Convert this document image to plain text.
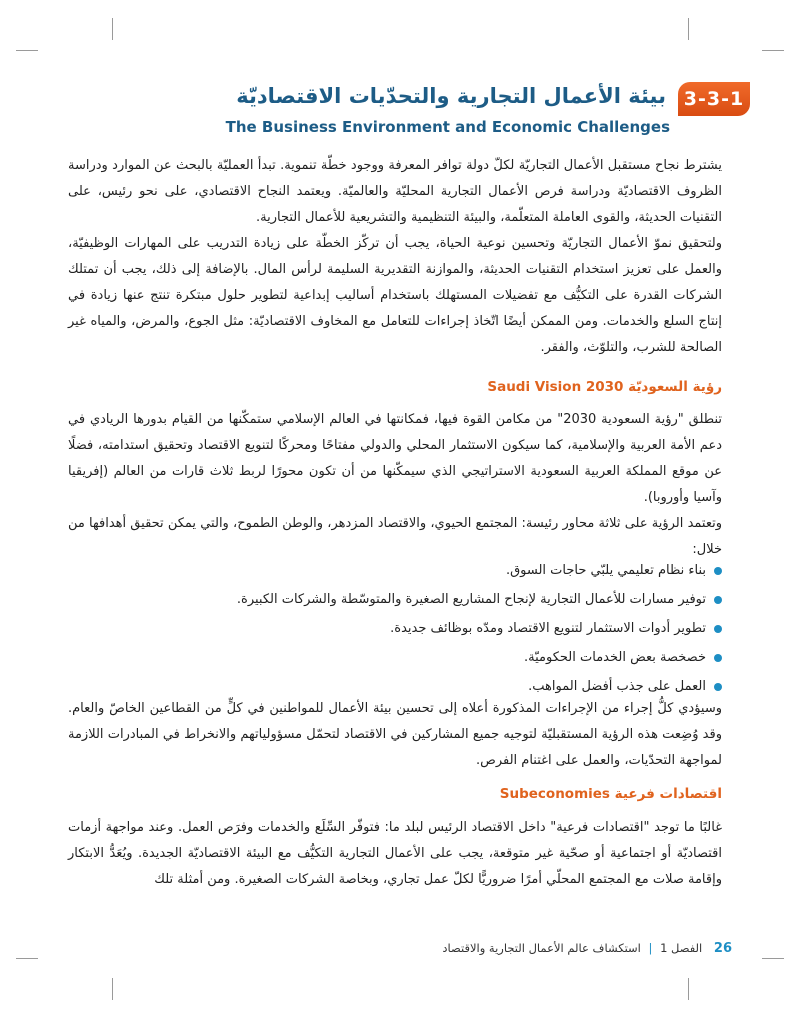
3-3-1
بيئة الأعمال التجارية والتحدّيات الاقتصاديّة
The Business Environment and Economic Challenges

يشترط نجاح مستقبل الأعمال التجاريّة لكلّ دولة توافر المعرفة ووجود خطّة تنموية. تبدأ العمليّة بالبحث عن الموارد ودراسة الظروف الاقتصاديّة ودراسة فرص الأعمال التجارية المحليّة والعالميّة. ويعتمد النجاح الاقتصادي، على نحو رئيس، على التقنيات الحديثة، والقوى العاملة المتعلّمة، والبيئة التنظيمية والتشريعية للأعمال التجارية.

ولتحقيق نموّ الأعمال التجاريّة وتحسين نوعية الحياة، يجب أن تركّز الخطّة على زيادة التدريب على المهارات الوظيفيّة، والعمل على تعزيز استخدام التقنيات الحديثة، والموازنة التقديرية السليمة لرأس المال. بالإضافة إلى ذلك، يجب أن تمتلك الشركات القدرة على التكيُّف مع تفضيلات المستهلك باستخدام أساليب إبداعية لتطوير حلول مبتكرة تنتج عنها زيادة في إنتاج السلع والخدمات. ومن الممكن أيضًا اتّخاذ إجراءات للتعامل مع المخاوف الاقتصاديّة: مثل الجوع، والمرض، والمياه غير الصالحة للشرب، والتلوّث، والفقر.

رؤية السعوديّة Saudi Vision 2030

تنطلق "رؤية السعودية 2030" من مكامن القوة فيها، فمكانتها في العالم الإسلامي ستمكّنها من القيام بدورها الريادي في دعم الأمة العربية والإسلامية، كما سيكون الاستثمار المحلي والدولي مفتاحًا ومحركًا لتنويع الاقتصاد وتحقيق استدامته، فضلًا عن موقع المملكة العربية السعودية الاستراتيجي الذي سيمكّنها من أن تكون محورًا لربط ثلاث قارات من العالم (إفريقيا وآسيا وأوروبا).

وتعتمد الرؤية على ثلاثة محاور رئيسة: المجتمع الحيوي، والاقتصاد المزدهر، والوطن الطموح، والتي يمكن تحقيق أهدافها من خلال:

بناء نظام تعليمي يلبّي حاجات السوق.
توفير مسارات للأعمال التجارية لإنجاح المشاريع الصغيرة والمتوسّطة والشركات الكبيرة.
تطوير أدوات الاستثمار لتنويع الاقتصاد ومدّه بوظائف جديدة.
خصخصة بعض الخدمات الحكوميّة.
العمل على جذب أفضل المواهب.

وسيؤدي كلُّ إجراء من الإجراءات المذكورة أعلاه إلى تحسين بيئة الأعمال للمواطنين في كلٍّ من القطاعين الخاصّ والعام. وقد وُضِعت هذه الرؤية المستقبليّة لتوجيه جميع المشاركين في الاقتصاد لتحمّل مسؤولياتهم والانخراط في المبادرات اللازمة لمواجهة التحدّيات، والعمل على اغتنام الفرص.

اقتصادات فرعية Subeconomies

غالبًا ما توجد "اقتصادات فرعية" داخل الاقتصاد الرئيس لبلد ما: فتوفّر السِّلَع والخدمات وفرَص العمل. وعند مواجهة أزمات اقتصاديّة أو اجتماعية أو صحّية غير متوقعة، يجب على الأعمال التجارية التكيُّف مع البيئة الاقتصاديّة الجديدة. ويُعَدُّ الابتكار وإقامة صلات مع المجتمع المحلّي أمرًا ضروريًّا لكلّ عمل تجاري، وبخاصة الشركات الصغيرة. ومن أمثلة تلك

26 الفصل 1 | استكشاف عالم الأعمال التجارية والاقتصاد
